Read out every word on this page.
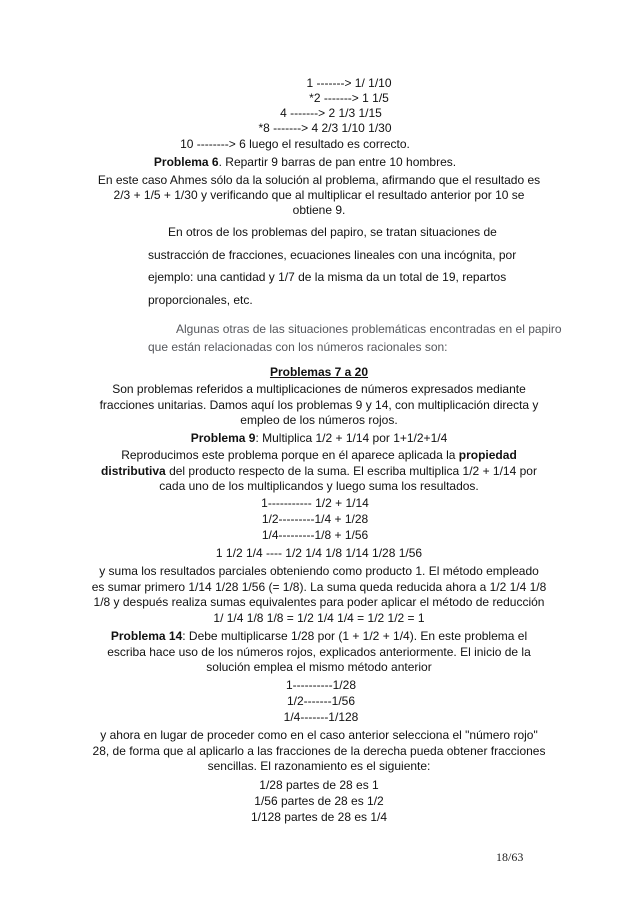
1 -------> 1/ 1/10
*2 -------> 1 1/5
4 -------> 2 1/3 1/15
*8 -------> 4 2/3 1/10 1/30
10 --------> 6 luego el resultado es correcto.
Problema 6. Repartir 9 barras de pan entre 10 hombres.
En este caso Ahmes sólo da la solución al problema, afirmando que el resultado es
2/3 + 1/5 + 1/30 y verificando que al multiplicar el resultado anterior por 10 se
obtiene 9.
En otros de los problemas del papiro, se tratan situaciones de
sustracción de fracciones, ecuaciones lineales con una incógnita, por
ejemplo: una cantidad y 1/7 de la misma da un total de 19, repartos
proporcionales, etc.
Algunas otras de las situaciones problemáticas encontradas en el papiro
que están relacionadas con los números racionales son:
Problemas 7 a 20
Son problemas referidos a multiplicaciones de números expresados mediante
fracciones unitarias. Damos aquí los problemas 9 y 14, con multiplicación directa y
empleo de los números rojos.
Problema 9: Multiplica 1/2 + 1/14 por 1+1/2+1/4
Reproducimos este problema porque en él aparece aplicada la propiedad
distributiva del producto respecto de la suma. El escriba multiplica 1/2 + 1/14 por
cada uno de los multiplicandos y luego suma los resultados.
1----------- 1/2 + 1/14
1/2---------1/4 + 1/28
1/4---------1/8 + 1/56
1 1/2 1/4 ---- 1/2 1/4 1/8 1/14 1/28 1/56
y suma los resultados parciales obteniendo como producto 1. El método empleado
es sumar primero 1/14 1/28 1/56 (= 1/8). La suma queda reducida ahora a 1/2 1/4 1/8
1/8 y después realiza sumas equivalentes para poder aplicar el método de reducción
1/ 1/4 1/8 1/8 = 1/2 1/4 1/4 = 1/2 1/2 = 1
Problema 14: Debe multiplicarse 1/28 por (1 + 1/2 + 1/4). En este problema el
escriba hace uso de los números rojos, explicados anteriormente. El inicio de la
solución emplea el mismo método anterior
1----------1/28
1/2-------1/56
1/4-------1/128
y ahora en lugar de proceder como en el caso anterior selecciona el "número rojo"
28, de forma que al aplicarlo a las fracciones de la derecha pueda obtener fracciones
sencillas. El razonamiento es el siguiente:
1/28 partes de 28 es 1
1/56 partes de 28 es 1/2
1/128 partes de 28 es 1/4
18/63
